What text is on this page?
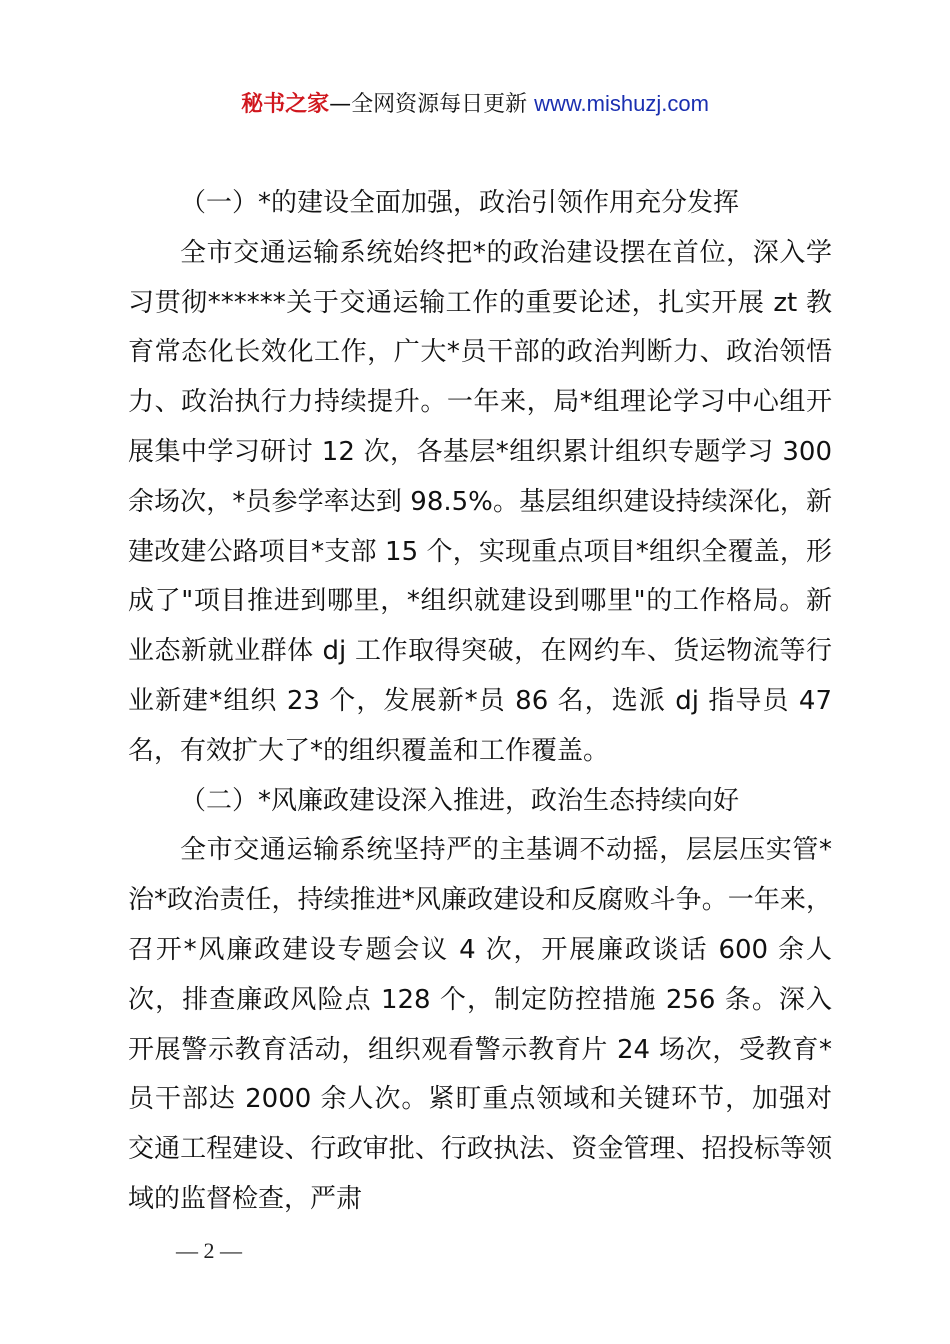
秘书之家—全网资源每日更新 www.mishuzj.com

（一）*的建设全面加强，政治引领作用充分发挥

全市交通运输系统始终把*的政治建设摆在首位，深入学习贯彻******关于交通运输工作的重要论述，扎实开展 zt 教育常态化长效化工作，广大*员干部的政治判断力、政治领悟力、政治执行力持续提升。一年来，局*组理论学习中心组开展集中学习研讨 12 次，各基层*组织累计组织专题学习 300 余场次，*员参学率达到 98.5%。基层组织建设持续深化，新建改建公路项目*支部 15 个，实现重点项目*组织全覆盖，形成了"项目推进到哪里，*组织就建设到哪里"的工作格局。新业态新就业群体 dj 工作取得突破，在网约车、货运物流等行业新建*组织 23 个，发展新*员 86 名，选派 dj 指导员 47 名，有效扩大了*的组织覆盖和工作覆盖。

（二）*风廉政建设深入推进，政治生态持续向好

全市交通运输系统坚持严的主基调不动摇，层层压实管*治*政治责任，持续推进*风廉政建设和反腐败斗争。一年来，召开*风廉政建设专题会议 4 次，开展廉政谈话 600 余人次，排查廉政风险点 128 个，制定防控措施 256 条。深入开展警示教育活动，组织观看警示教育片 24 场次，受教育*员干部达 2000 余人次。紧盯重点领域和关键环节，加强对交通工程建设、行政审批、行政执法、资金管理、招投标等领域的监督检查，严肃

— 2 —
